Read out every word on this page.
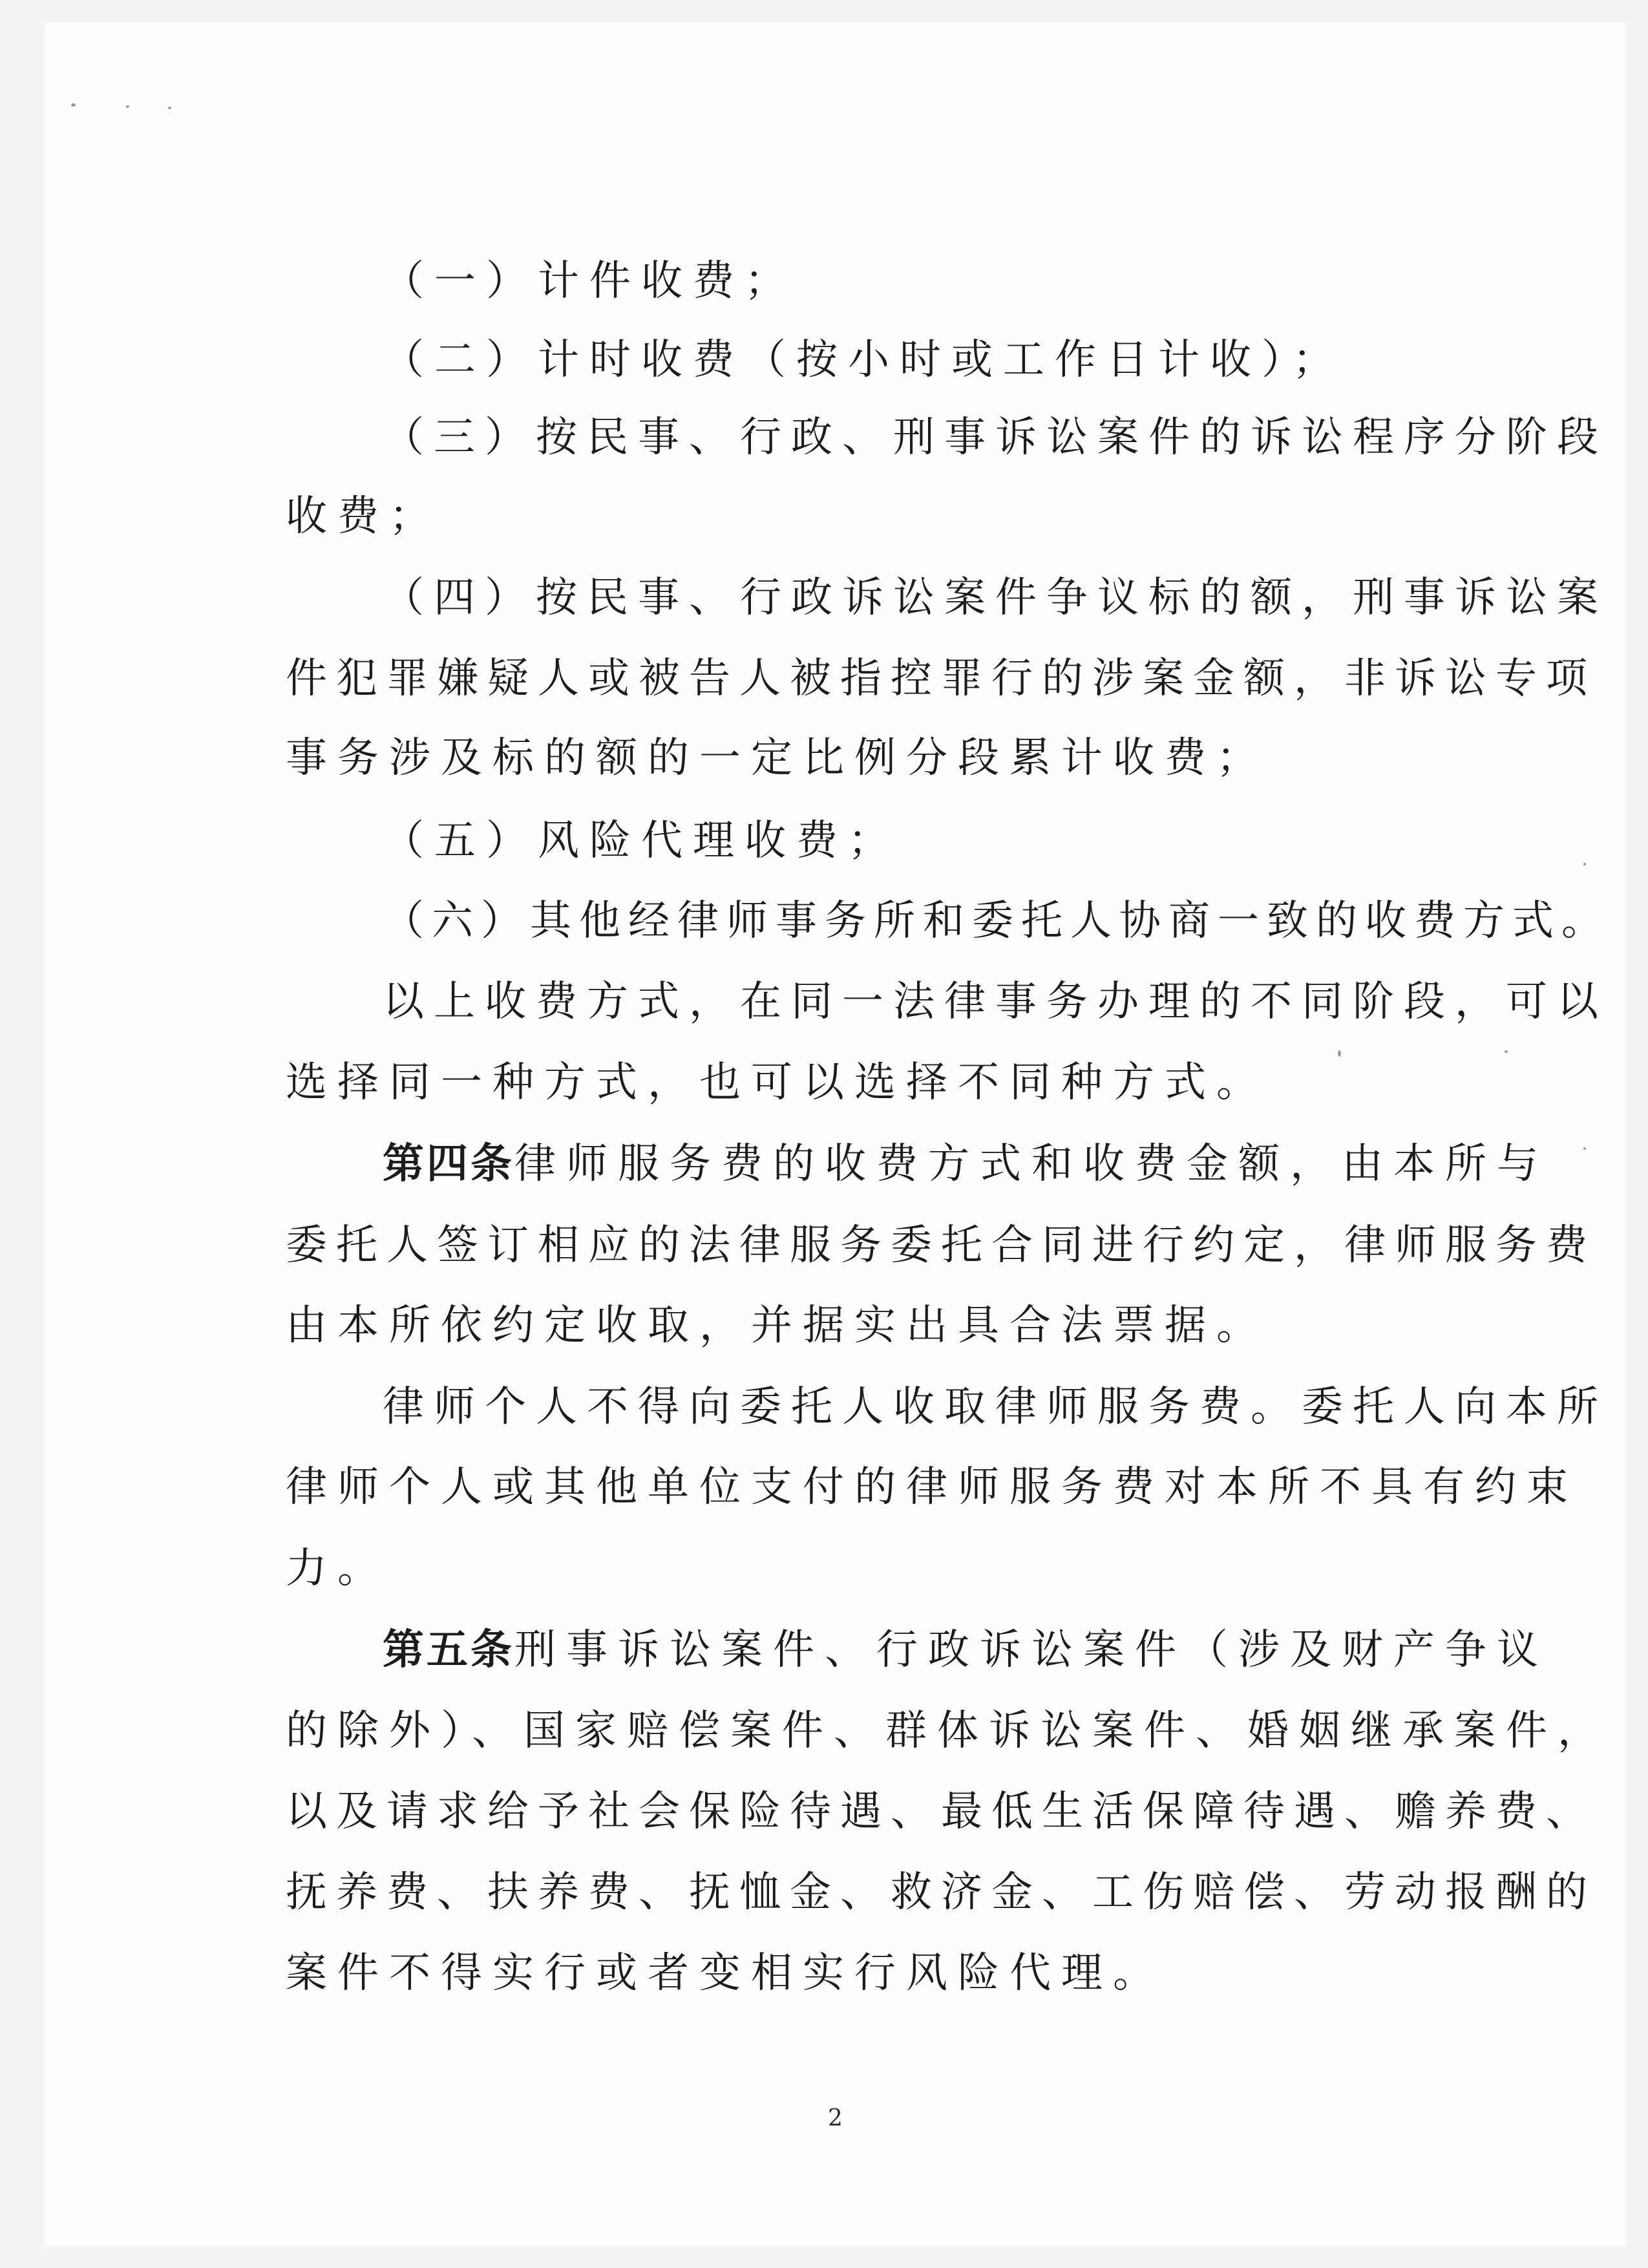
（一）计件收费；
（二）计时收费（按小时或工作日计收）；
（三）按民事、行政、刑事诉讼案件的诉讼程序分阶段
收费；
（四）按民事、行政诉讼案件争议标的额，刑事诉讼案
件犯罪嫌疑人或被告人被指控罪行的涉案金额，非诉讼专项
事务涉及标的额的一定比例分段累计收费；
（五）风险代理收费；
（六）其他经律师事务所和委托人协商一致的收费方式。
以上收费方式，在同一法律事务办理的不同阶段，可以
选择同一种方式，也可以选择不同种方式。
第四条律师服务费的收费方式和收费金额，由本所与
委托人签订相应的法律服务委托合同进行约定，律师服务费
由本所依约定收取，并据实出具合法票据。
律师个人不得向委托人收取律师服务费。委托人向本所
律师个人或其他单位支付的律师服务费对本所不具有约束
力。
第五条刑事诉讼案件、行政诉讼案件（涉及财产争议
的除外）、国家赔偿案件、群体诉讼案件、婚姻继承案件，
以及请求给予社会保险待遇、最低生活保障待遇、赡养费、
抚养费、扶养费、抚恤金、救济金、工伤赔偿、劳动报酬的
案件不得实行或者变相实行风险代理。
2
